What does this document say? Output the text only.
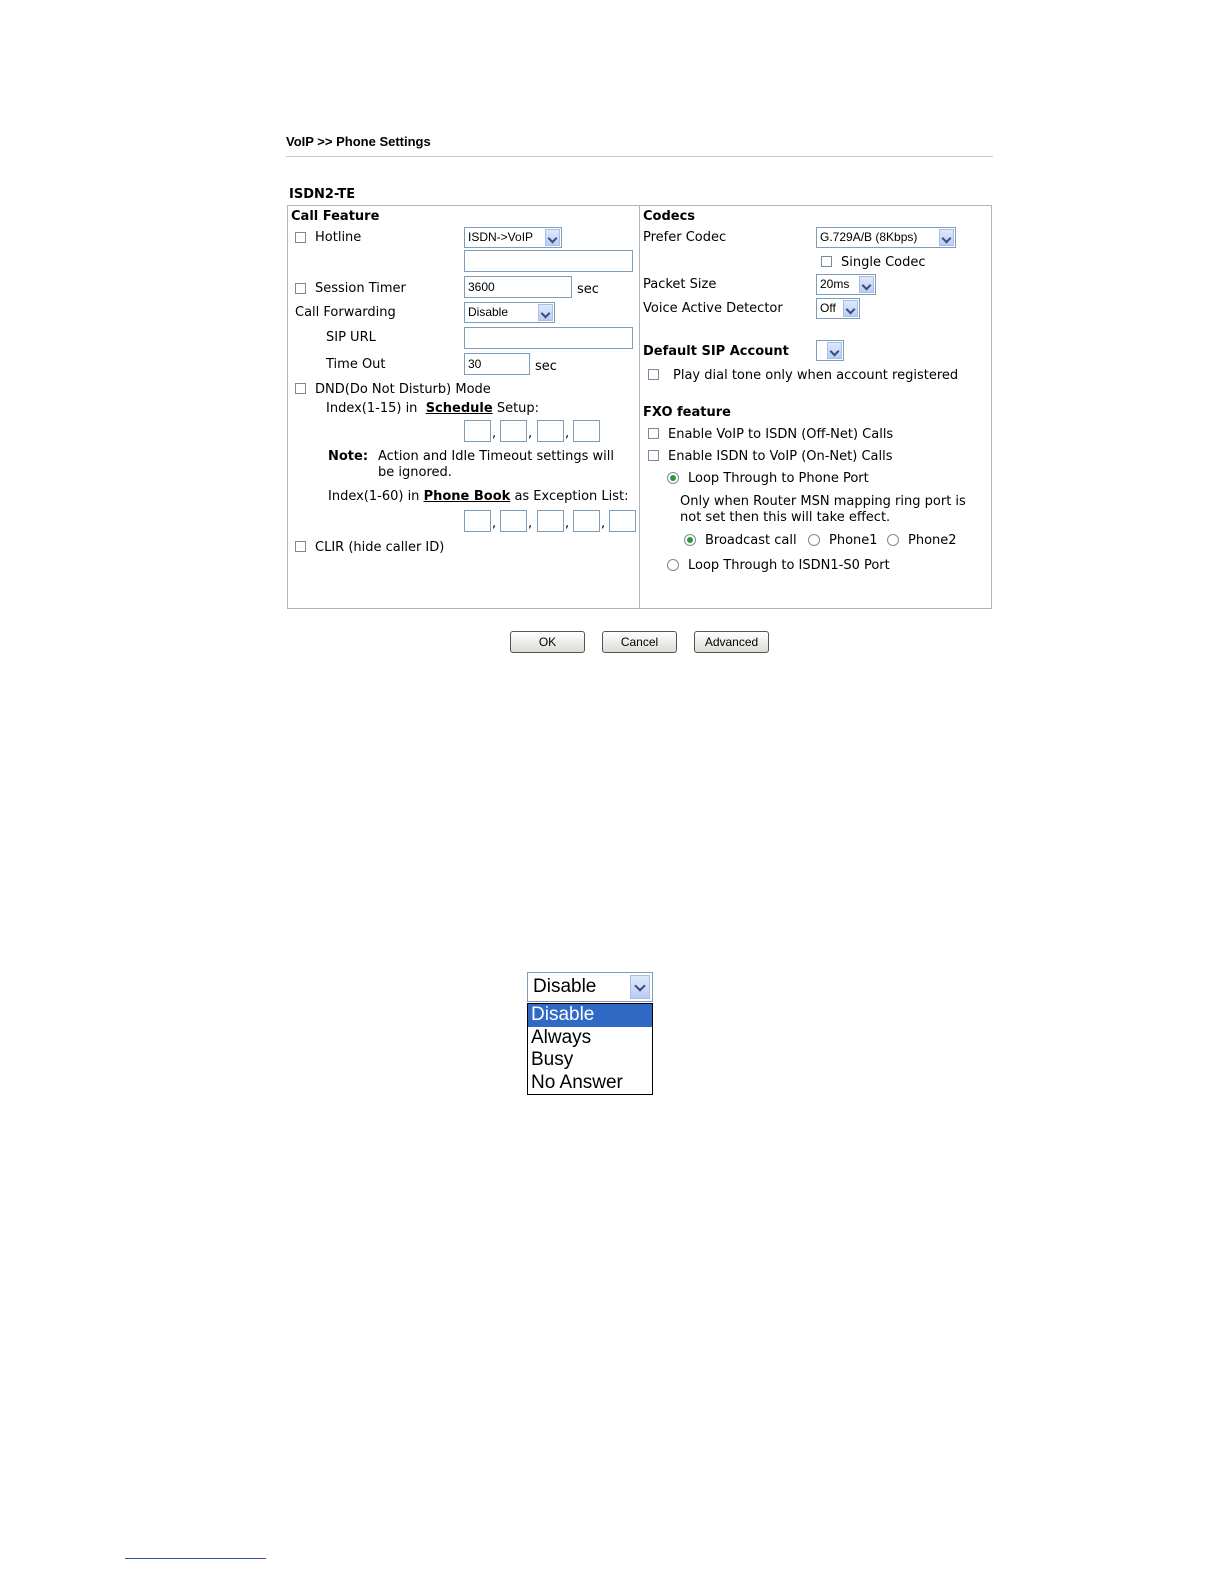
VoIP >> Phone Settings
ISDN2-TE
Call Feature
Hotline	ISDN->VoIP
Session Timer	3600	sec
Call Forwarding	Disable
SIP URL
Time Out	30	sec
DND(Do Not Disturb) Mode
Index(1-15) in Schedule Setup:
, ,	,
Note: Action and Idle Timeout settings will
be ignored.
Index(1-60) in Phone Book as Exception List:
, ,	, ,
CLIR (hide caller ID)
Codecs
Prefer Codec	G.729A/B (8Kbps)
Single Codec
Packet Size	20ms
Voice Active Detector	Off
Default SIP Account
Play dial tone only when account registered
FXO feature
Enable VoIP to ISDN (Off-Net) Calls
Enable ISDN to VoIP (On-Net) Calls
Loop Through to Phone Port
Only when Router MSN mapping ring port is
not set then this will take effect.
Broadcast call Phone1 Phone2
Loop Through to ISDN1-S0 Port
OK	Cancel	Advanced
Disable
Disable
Always
Busy
No Answer
